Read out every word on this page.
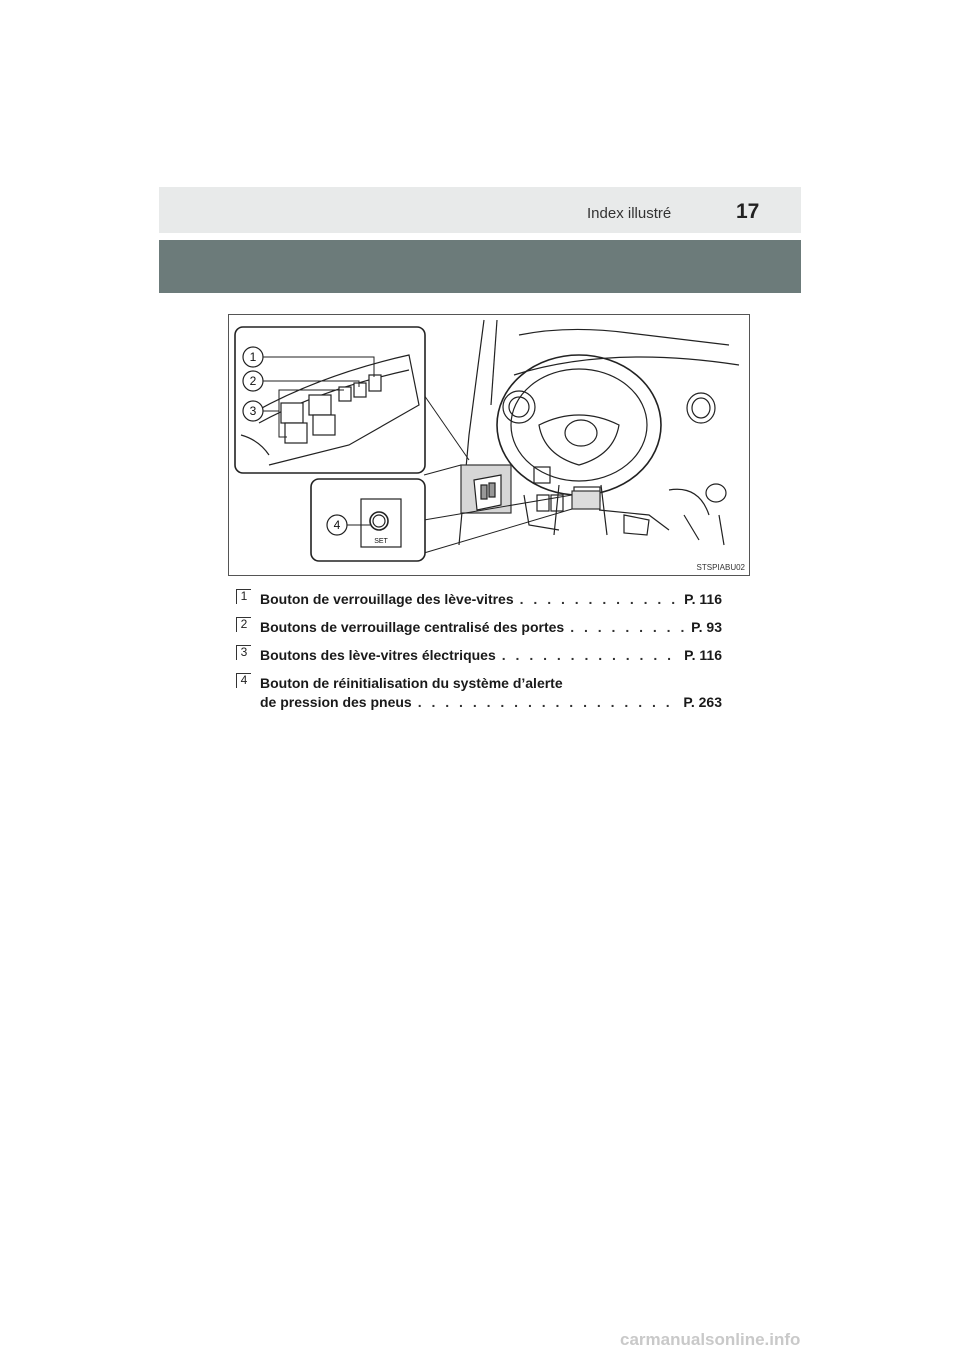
Index illustré	17
1
2
3
4
SET
STSPIABU02
1 Bouton de verrouillage des lève-vitres . . .	P. 116
2 Boutons de verrouillage centralisé des portes . . .	P. 93
3 Boutons des lève-vitres électriques . . .	P. 116
4 Bouton de réinitialisation du système d’alerte
de pression des pneus . . .	P. 263
carmanualsonline.info
